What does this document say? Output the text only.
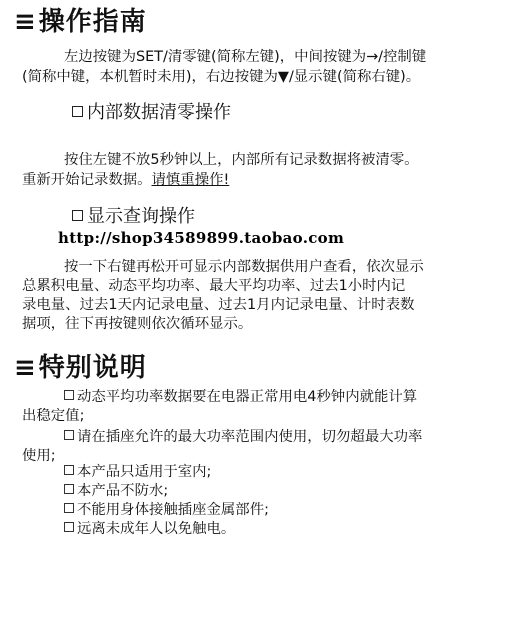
≡操作指南
左边按键为SET/清零键(简称左键)，中间按键为→/控制键
(简称中键，本机暂时未用)，右边按键为▼/显示键(简称右键)。
内部数据清零操作
按住左键不放5秒钟以上，内部所有记录数据将被清零。
重新开始记录数据。请慎重操作!
显示查询操作
http://shop34589899.taobao.com
按一下右键再松开可显示内部数据供用户查看，依次显示
总累积电量、动态平均功率、最大平均功率、过去1小时内记
录电量、过去1天内记录电量、过去1月内记录电量、计时表数
据项，往下再按键则依次循环显示。
≡特别说明
动态平均功率数据要在电器正常用电4秒钟内就能计算
出稳定值;
请在插座允许的最大功率范围内使用，切勿超最大功率
使用;
本产品只适用于室内;
本产品不防水;
不能用身体接触插座金属部件;
远离未成年人以免触电。
